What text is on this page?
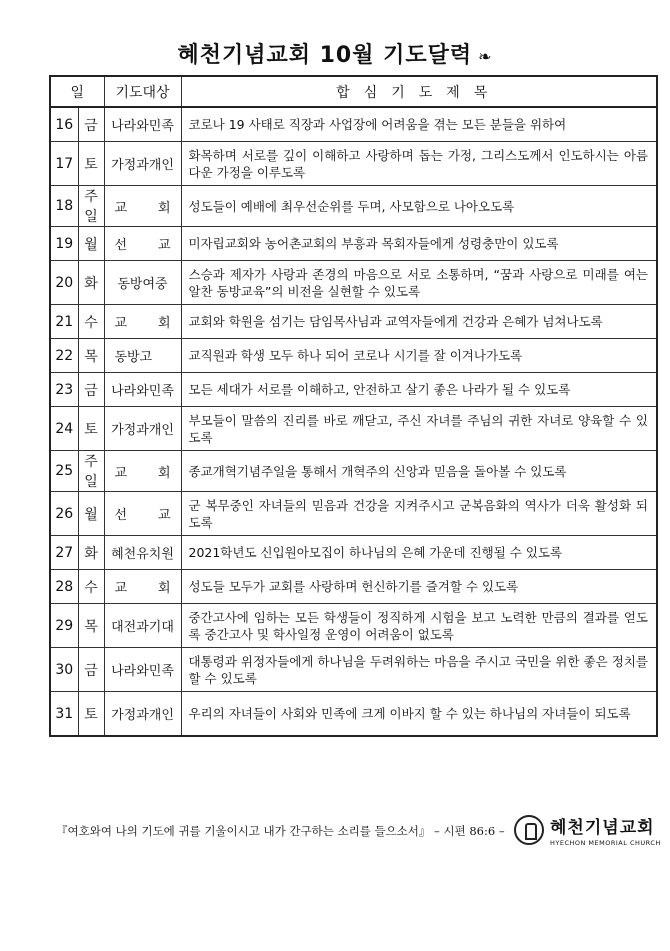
혜천기념교회 10월 기도달력 ❧
일		기도대상	합심기도제목
16	금	나라와민족	코로나 19 사태로 직장과 사업장에 어려움을 겪는 모든 분들을 위하여
17	토	가정과개인	화목하며 서로를 깊이 이해하고 사랑하며 돕는 가정, 그리스도께서 인도하시는 아름다운 가정을 이루도록
18	주일	교 회	성도들이 예배에 최우선순위를 두며, 사모함으로 나아오도록
19	월	선 교	미자립교회와 농어촌교회의 부흥과 목회자들에게 성령충만이 있도록
20	화	동방여중	스승과 제자가 사랑과 존경의 마음으로 서로 소통하며, “꿈과 사랑으로 미래를 여는 알찬 동방교육”의 비전을 실현할 수 있도록
21	수	교 회	교회와 학원을 섬기는 담임목사님과 교역자들에게 건강과 은혜가 넘쳐나도록
22	목	동방고	교직원과 학생 모두 하나 되어 코로나 시기를 잘 이겨나가도록
23	금	나라와민족	모든 세대가 서로를 이해하고, 안전하고 살기 좋은 나라가 될 수 있도록
24	토	가정과개인	부모들이 말씀의 진리를 바로 깨닫고, 주신 자녀를 주님의 귀한 자녀로 양육할 수 있도록
25	주일	교 회	종교개혁기념주일을 통해서 개혁주의 신앙과 믿음을 돌아볼 수 있도록
26	월	선 교	군 복무중인 자녀들의 믿음과 건강을 지켜주시고 군복음화의 역사가 더욱 활성화 되도록
27	화	혜천유치원	2021학년도 신입원아모집이 하나님의 은혜 가운데 진행될 수 있도록
28	수	교 회	성도들 모두가 교회를 사랑하며 헌신하기를 즐겨할 수 있도록
29	목	대전과기대	중간고사에 임하는 모든 학생들이 정직하게 시험을 보고 노력한 만큼의 결과를 얻도록 중간고사 및 학사일정 운영이 어려움이 없도록
30	금	나라와민족	대통령과 위정자들에게 하나님을 두려워하는 마음을 주시고 국민을 위한 좋은 정치를 할 수 있도록
31	토	가정과개인	우리의 자녀들이 사회와 민족에 크게 이바지 할 수 있는 하나님의 자녀들이 되도록
『여호와여 나의 기도에 귀를 기울이시고 내가 간구하는 소리를 들으소서』 – 시편 86:6 –	혜천기념교회
HYECHON MEMORIAL CHURCH
